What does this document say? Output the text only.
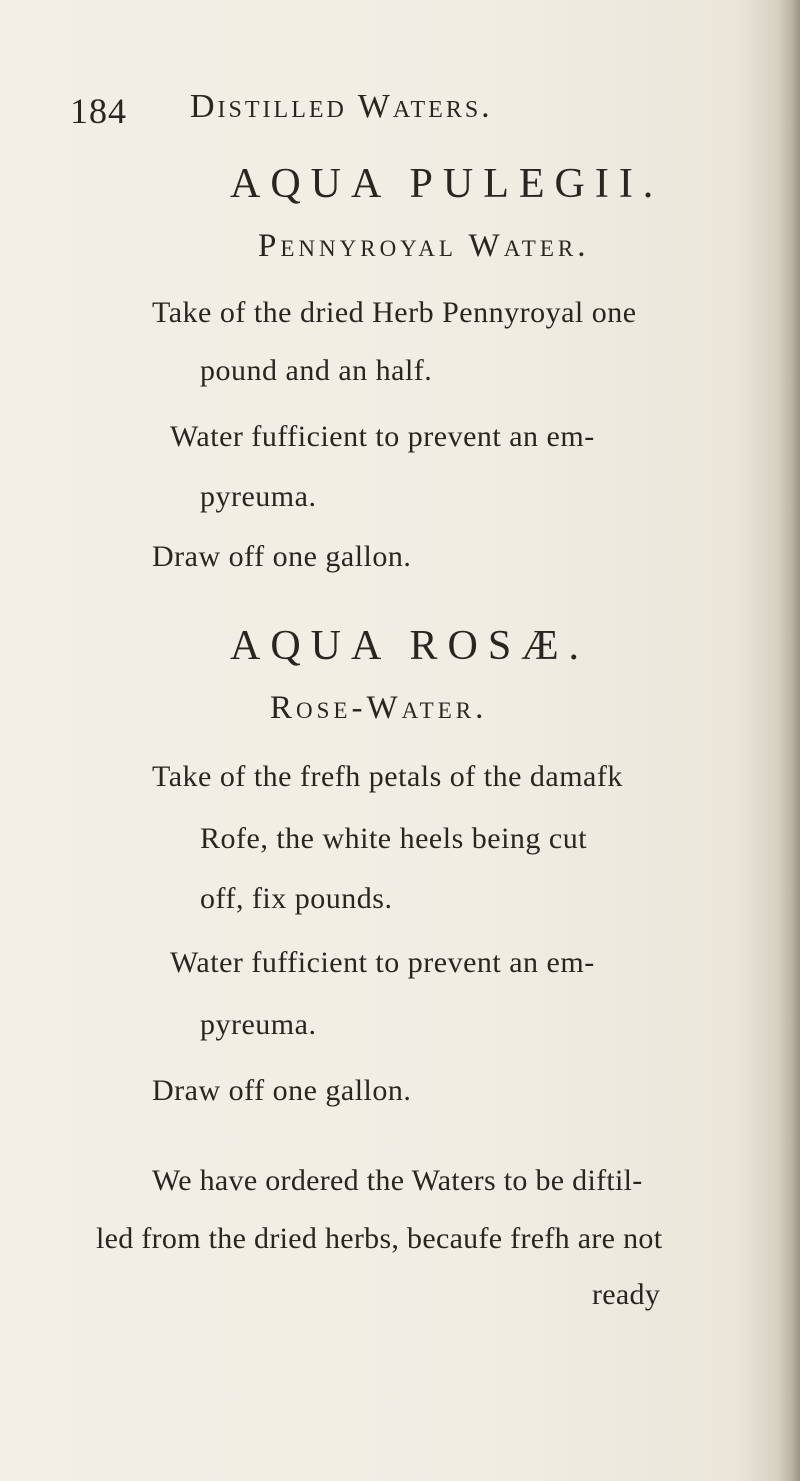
184 Distilled Waters.
AQUA PULEGII.
Pennyroyal Water.
Take of the dried Herb Pennyroyal one
pound and an half.
Water fufficient to prevent an em-
pyreuma.
Draw off one gallon.
AQUA ROSÆ.
Rose-Water.
Take of the frefh petals of the damafk
Rofe, the white heels being cut
off, fix pounds.
Water fufficient to prevent an em-
pyreuma.
Draw off one gallon.
We have ordered the Waters to be diftil-
led from the dried herbs, becaufe frefh are not
ready
